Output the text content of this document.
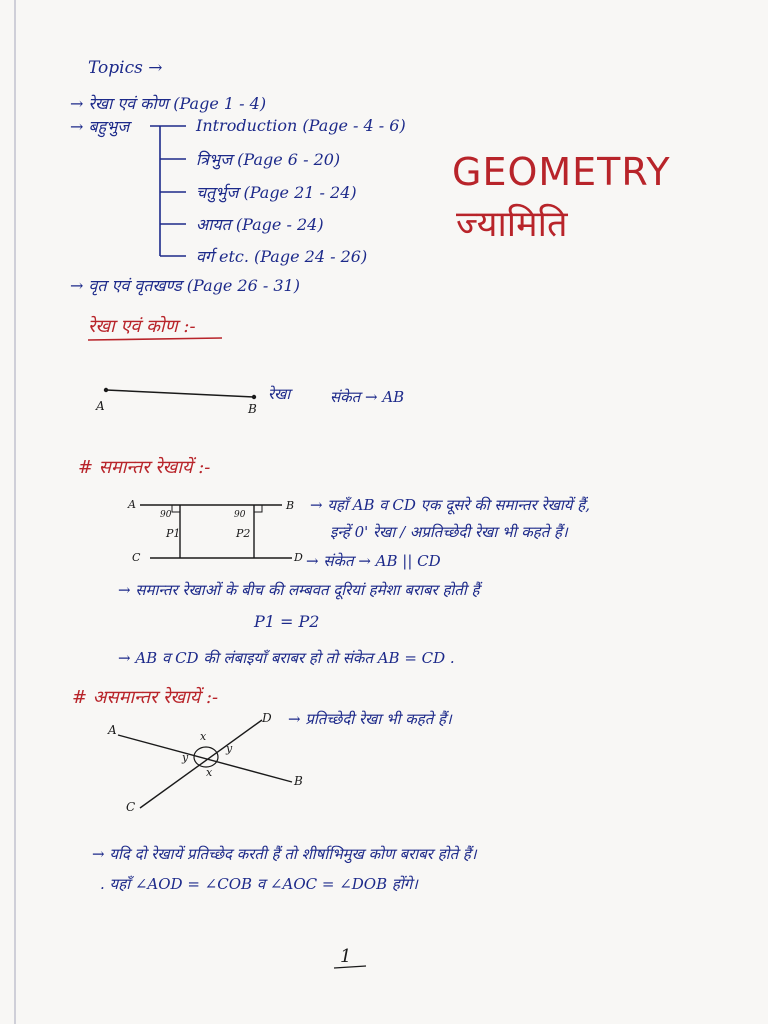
Topics →
→ रेखा एवं कोण (Page 1 - 4)
→ बहुभुज	Introduction (Page - 4 - 6)
त्रिभुज (Page 6 - 20)
चतुर्भुज (Page 21 - 24)
आयत (Page - 24)
वर्ग etc. (Page 24 - 26)
→ वृत एवं वृतखण्ड (Page 26 - 31)
GEOMETRY
ज्यामिति
रेखा एवं कोण :-
A	B
रेखा	संकेत → AB
# समान्तर रेखायें :-
A	B
C	D
90	90
P1	P2
→ यहाँ AB व CD एक दूसरे की समान्तर रेखायें हैं,
इन्हें 0' रेखा / अप्रतिच्छेदी रेखा भी कहते हैं।
→ संकेत → AB || CD
→ समान्तर रेखाओं के बीच की लम्बवत दूरियां हमेशा बराबर होती हैं
P1 = P2
→ AB व CD की लंबाइयाँ बराबर हो तो संकेत AB = CD .
# असमान्तर रेखायें :-
→ प्रतिच्छेदी रेखा भी कहते हैं।
A
B
C
D
x
x
y
y
→ यदि दो रेखायें प्रतिच्छेद करती हैं तो शीर्षाभिमुख कोण बराबर होते हैं।
. यहाँ ∠AOD = ∠COB व ∠AOC = ∠DOB होंगे।
1
